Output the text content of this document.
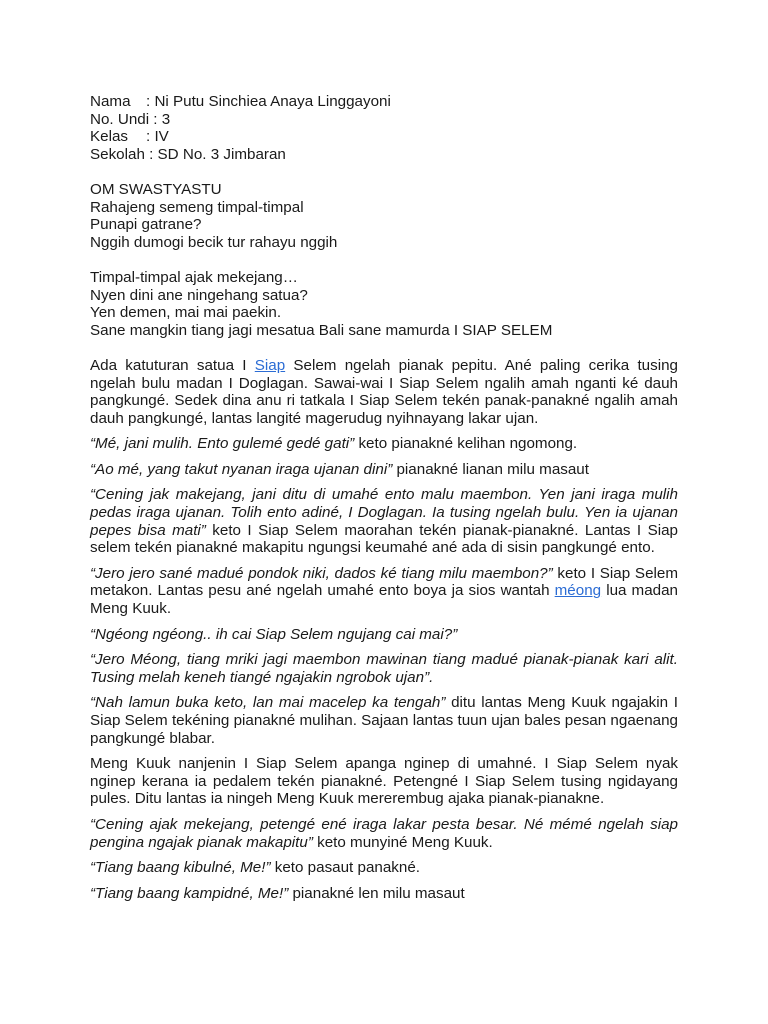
Nama : Ni Putu Sinchiea Anaya Linggayoni
No. Undi : 3
Kelas : IV
Sekolah : SD No. 3 Jimbaran
OM SWASTYASTU
Rahajeng semeng timpal-timpal
Punapi gatrane?
Nggih dumogi becik tur rahayu nggih
Timpal-timpal ajak mekejang…
Nyen dini ane ningehang satua?
Yen demen, mai mai paekin.
Sane mangkin tiang jagi mesatua Bali sane mamurda I SIAP SELEM

Ada katuturan satua I Siap Selem ngelah pianak pepitu. Ané paling cerika tusing ngelah bulu madan I Doglagan. Sawai-wai I Siap Selem ngalih amah nganti ké dauh pangkungé. Sedek dina anu ri tatkala I Siap Selem tekén panak-panakné ngalih amah dauh pangkungé, lantas langité magerudug nyihnayang lakar ujan.

“Mé, jani mulih. Ento gulemé gedé gati” keto pianakné kelihan ngomong.

“Ao mé, yang takut nyanan iraga ujanan dini” pianakné lianan milu masaut

“Cening jak makejang, jani ditu di umahé ento malu maembon. Yen jani iraga mulih pedas iraga ujanan. Tolih ento adiné, I Doglagan. Ia tusing ngelah bulu. Yen ia ujanan pepes bisa mati” keto I Siap Selem maorahan tekén pianak-pianakné. Lantas I Siap selem tekén pianakné makapitu ngungsi keumahé ané ada di sisin pangkungé ento.

“Jero jero sané madué pondok niki, dados ké tiang milu maembon?” keto I Siap Selem metakon. Lantas pesu ané ngelah umahé ento boya ja sios wantah méong lua madan Meng Kuuk.

“Ngéong ngéong.. ih cai Siap Selem ngujang cai mai?”

“Jero Méong, tiang mriki jagi maembon mawinan tiang madué pianak-pianak kari alit. Tusing melah keneh tiangé ngajakin ngrobok ujan”.

“Nah lamun buka keto, lan mai macelep ka tengah” ditu lantas Meng Kuuk ngajakin I Siap Selem tekéning pianakné mulihan. Sajaan lantas tuun ujan bales pesan ngaenang pangkungé blabar.

Meng Kuuk nanjenin I Siap Selem apanga nginep di umahné. I Siap Selem nyak nginep kerana ia pedalem tekén pianakné. Petengné I Siap Selem tusing ngidayang pules. Ditu lantas ia ningeh Meng Kuuk mererembug ajaka pianak-pianakne.

“Cening ajak mekejang, petengé ené iraga lakar pesta besar. Né mémé ngelah siap pengina ngajak pianak makapitu” keto munyiné Meng Kuuk.

“Tiang baang kibulné, Me!” keto pasaut panakné.

“Tiang baang kampidné, Me!” pianakné len milu masaut
